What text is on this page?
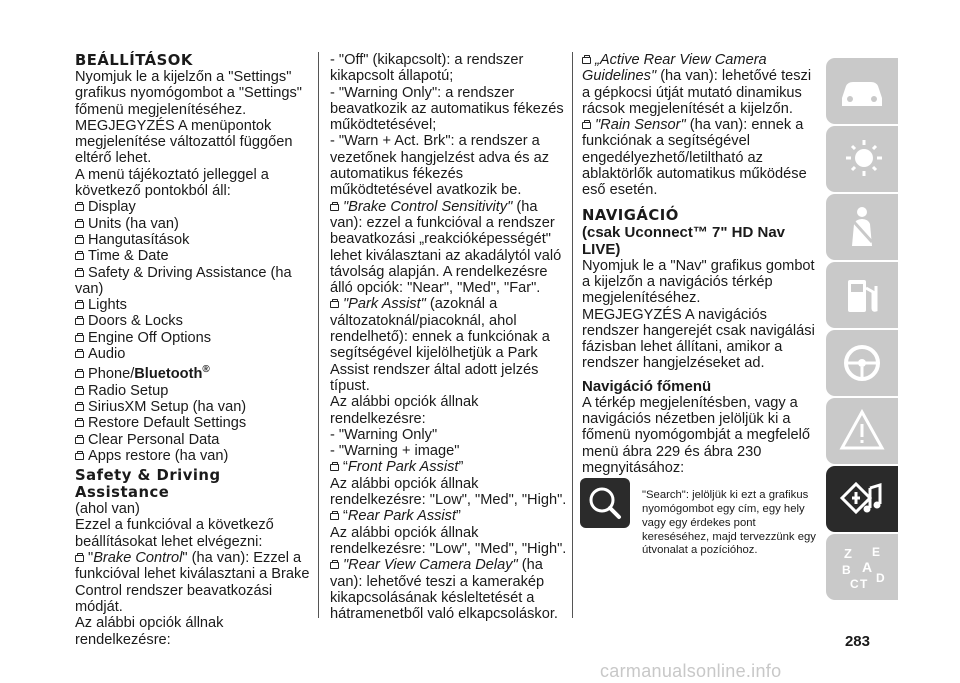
BEÁLLÍTÁSOK

Nyomjuk le a kijelzőn a "Settings" grafikus nyomógombot a "Settings" főmenü megjelenítéséhez.

MEGJEGYZÉS A menüpontok megjelenítése változattól függően eltérő lehet.

A menü tájékoztató jelleggel a következő pontokból áll:

Display

Units (ha van)

Hangutasítások

Time & Date

Safety & Driving Assistance (ha van)

Lights

Doors & Locks

Engine Off Options

Audio

Phone/Bluetooth®

Radio Setup

SiriusXM Setup (ha van)

Restore Default Settings

Clear Personal Data

Apps restore (ha van)

Safety & Driving Assistance

(ahol van)

Ezzel a funkcióval a következő beállításokat lehet elvégezni:

"Brake Control" (ha van): Ezzel a funkcióval lehet kiválasztani a Brake Control rendszer beavatkozási módját.

Az alábbi opciók állnak rendelkezésre:

- "Off" (kikapcsolt): a rendszer kikapcsolt állapotú;

- "Warning Only": a rendszer beavatkozik az automatikus fékezés működtetésével;

- "Warn + Act. Brk": a rendszer a vezetőnek hangjelzést adva és az automatikus fékezés működtetésével avatkozik be.

"Brake Control Sensitivity" (ha van): ezzel a funkcióval a rendszer beavatkozási „reakcióképességét" lehet kiválasztani az akadálytól való távolság alapján. A rendelkezésre álló opciók: "Near", "Med", "Far".

"Park Assist" (azoknál a változatoknál/piacoknál, ahol rendelhető): ennek a funkciónak a segítségével kijelölhetjük a Park Assist rendszer által adott jelzés típust.

Az alábbi opciók állnak rendelkezésre:

- "Warning Only"

- "Warning + image"

“Front Park Assist”

Az alábbi opciók állnak rendelkezésre: "Low", "Med", "High".

“Rear Park Assist”

Az alábbi opciók állnak rendelkezésre: "Low", "Med", "High".

"Rear View Camera Delay" (ha van): lehetővé teszi a kamerakép kikapcsolásának késleltetését a hátramenetből való elkapcsoláskor.

„Active Rear View Camera Guidelines" (ha van): lehetővé teszi a gépkocsi útját mutató dinamikus rácsok megjelenítését a kijelzőn.

"Rain Sensor" (ha van): ennek a funkciónak a segítségével engedélyezhető/letiltható az ablaktörlők automatikus működése eső esetén.

NAVIGÁCIÓ
(csak Uconnect™ 7" HD Nav LIVE)

Nyomjuk le a "Nav" grafikus gombot a kijelzőn a navigációs térkép megjelenítéséhez.

MEGJEGYZÉS A navigációs rendszer hangerejét csak navigálási fázisban lehet állítani, amikor a rendszer hangjelzéseket ad.

Navigáció főmenü

A térkép megjelenítésben, vagy a navigációs nézetben jelöljük ki a főmenü nyomógombját a megfelelő menü ábra 229 és ábra 230 megnyitásához:

"Search": jelöljük ki ezt a grafikus nyomógombot egy cím, egy hely vagy egy érdekes pont kereséséhez, majd tervezzünk egy útvonalat a pozícióhoz.	Z E
B A
C T D
283
carmanualsonline.info
